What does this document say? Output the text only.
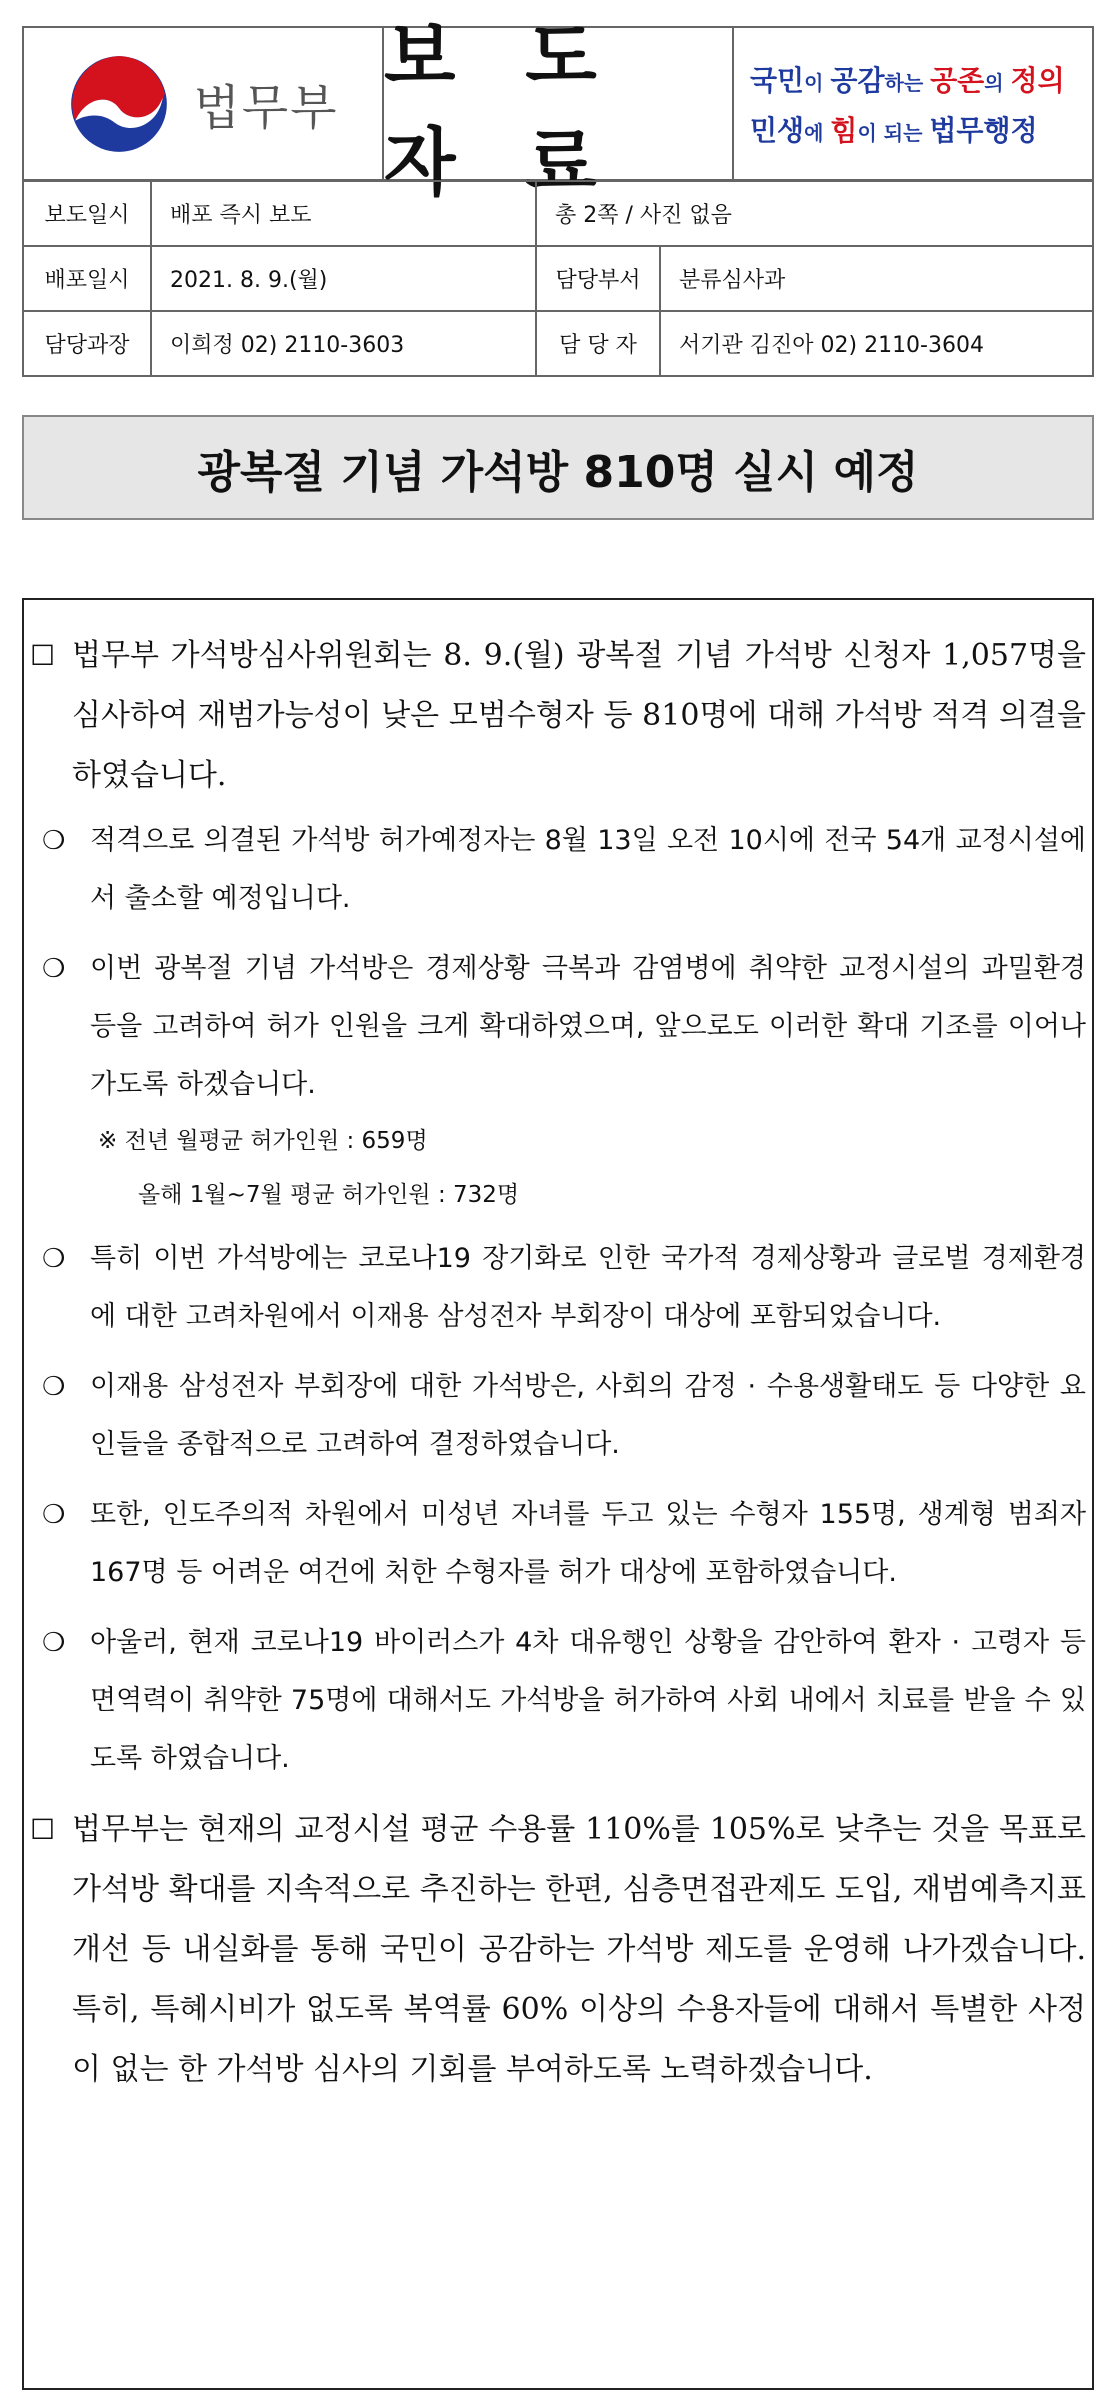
법무부
보 도 자 료
국민이 공감하는 공존의 정의
민생에 힘이 되는 법무행정
보도일시	배포 즉시 보도	총 2쪽 / 사진 없음	
배포일시	2021. 8. 9.(월)	담당부서	분류심사과
담당과장	이희정 02) 2110-3603	담 당 자	서기관 김진아 02) 2110-3604
광복절 기념 가석방 810명 실시 예정
☐ 법무부 가석방심사위원회는 8. 9.(월) 광복절 기념 가석방 신청자 1,057명을 심사하여 재범가능성이 낮은 모범수형자 등 810명에 대해 가석방 적격 의결을 하였습니다.
❍ 적격으로 의결된 가석방 허가예정자는 8월 13일 오전 10시에 전국 54개 교정시설에서 출소할 예정입니다.
❍ 이번 광복절 기념 가석방은 경제상황 극복과 감염병에 취약한 교정시설의 과밀환경 등을 고려하여 허가 인원을 크게 확대하였으며, 앞으로도 이러한 확대 기조를 이어나가도록 하겠습니다.
※ 전년 월평균 허가인원 : 659명
올해 1월~7월 평균 허가인원 : 732명
❍ 특히 이번 가석방에는 코로나19 장기화로 인한 국가적 경제상황과 글로벌 경제환경에 대한 고려차원에서 이재용 삼성전자 부회장이 대상에 포함되었습니다.
❍ 이재용 삼성전자 부회장에 대한 가석방은, 사회의 감정 · 수용생활태도 등 다양한 요인들을 종합적으로 고려하여 결정하였습니다.
❍ 또한, 인도주의적 차원에서 미성년 자녀를 두고 있는 수형자 155명, 생계형 범죄자 167명 등 어려운 여건에 처한 수형자를 허가 대상에 포함하였습니다.
❍ 아울러, 현재 코로나19 바이러스가 4차 대유행인 상황을 감안하여 환자 · 고령자 등 면역력이 취약한 75명에 대해서도 가석방을 허가하여 사회 내에서 치료를 받을 수 있도록 하였습니다.
☐ 법무부는 현재의 교정시설 평균 수용률 110%를 105%로 낮추는 것을 목표로 가석방 확대를 지속적으로 추진하는 한편, 심층면접관제도 도입, 재범예측지표 개선 등 내실화를 통해 국민이 공감하는 가석방 제도를 운영해 나가겠습니다. 특히, 특혜시비가 없도록 복역률 60% 이상의 수용자들에 대해서 특별한 사정이 없는 한 가석방 심사의 기회를 부여하도록 노력하겠습니다.
